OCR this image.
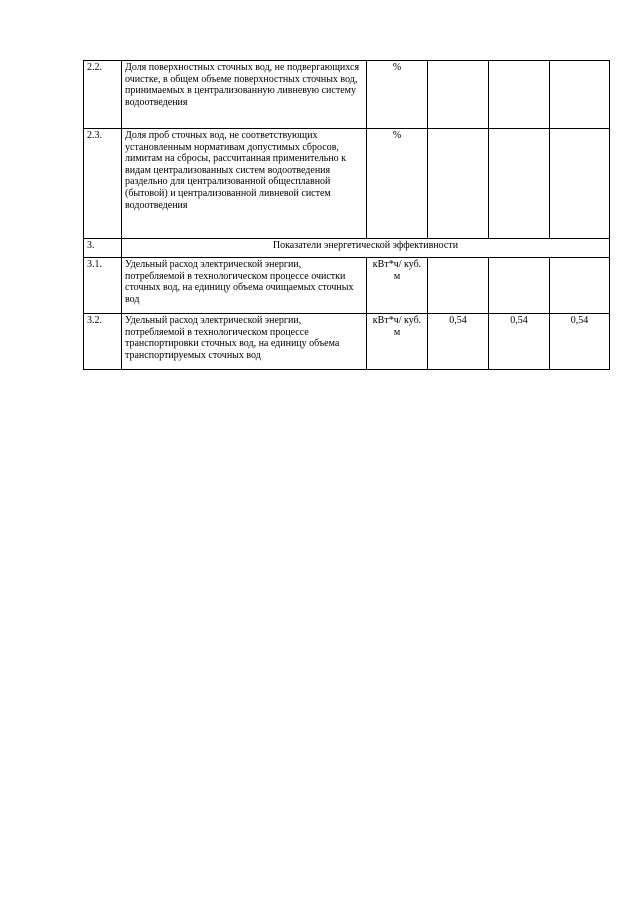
2.2.	Доля поверхностных сточных вод, не подвергающихся очистке, в общем объеме поверхностных сточных вод, принимаемых в централизованную ливневую систему водоотведения	%			
2.3.	Доля проб сточных вод, не соответствующих установленным нормативам допустимых сбросов, лимитам на сбросы, рассчитанная применительно к видам централизованных систем водоотведения раздельно для централизованной общесплавной (бытовой) и централизованной ливневой систем водоотведения	%			
3.	Показатели энергетической эффективности				
3.1.	Удельный расход электрической энергии, потребляемой в технологическом процессе очистки сточных вод, на единицу объема очищаемых сточных вод	кВт*ч/ куб. м			
3.2.	Удельный расход электрической энергии, потребляемой в технологическом процессе транспортировки сточных вод, на единицу объема транспортируемых сточных вод	кВт*ч/ куб. м	0,54	0,54	0,54
